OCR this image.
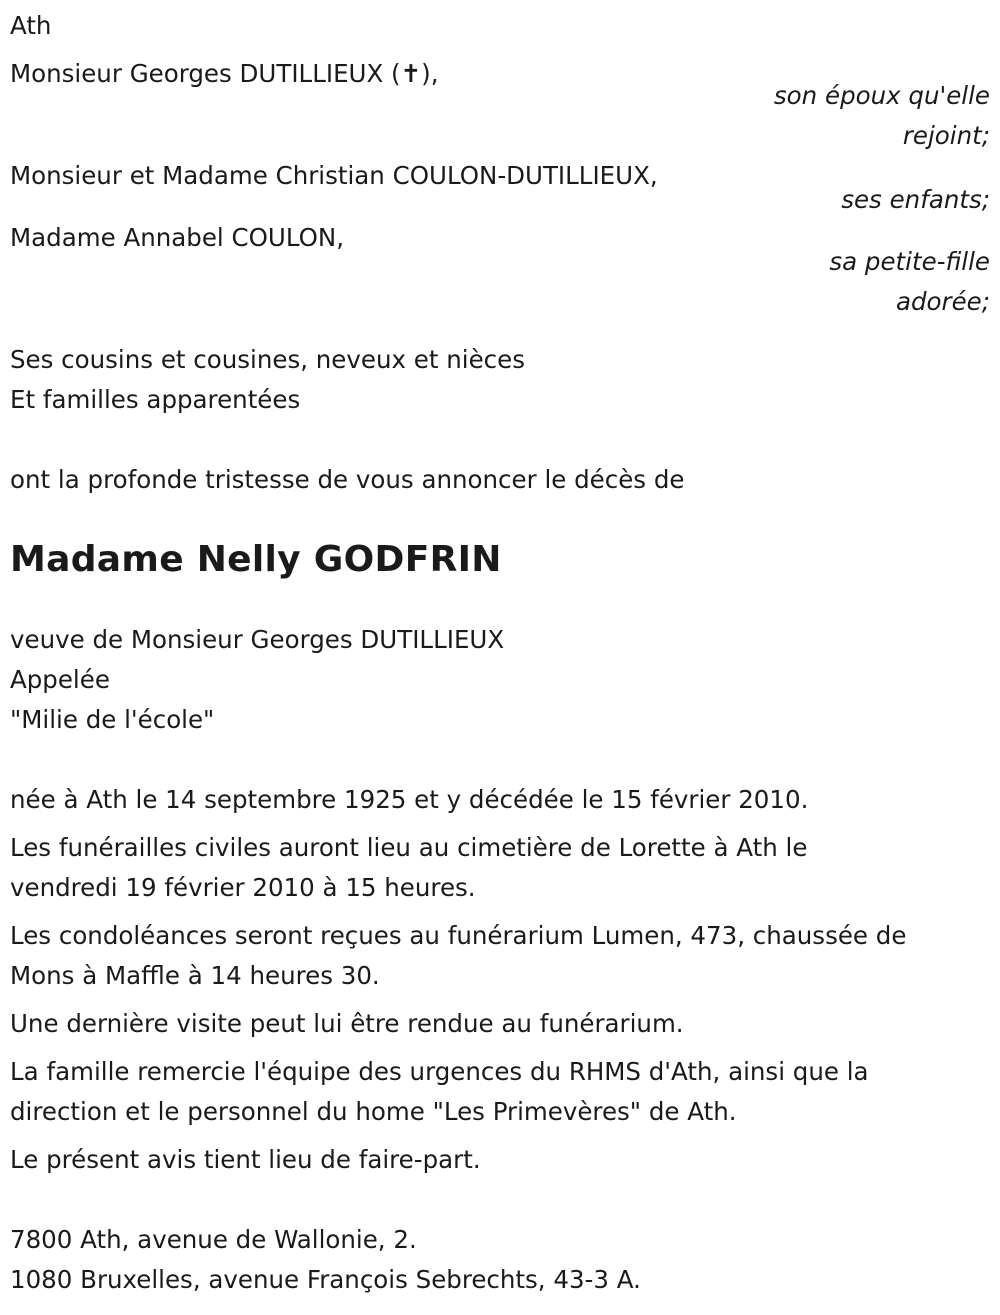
Ath

Monsieur Georges DUTILLIEUX (✝),

son époux qu'elle

rejoint;

Monsieur et Madame Christian COULON-DUTILLIEUX,

ses enfants;

Madame Annabel COULON,

sa petite-fille

adorée;

Ses cousins et cousines, neveux et nièces

Et familles apparentées

ont la profonde tristesse de vous annoncer le décès de

Madame Nelly GODFRIN

veuve de Monsieur Georges DUTILLIEUX

Appelée

"Milie de l'école"

née à Ath le 14 septembre 1925 et y décédée le 15 février 2010.

Les funérailles civiles auront lieu au cimetière de Lorette à Ath le

vendredi 19 février 2010 à 15 heures.

Les condoléances seront reçues au funérarium Lumen, 473, chaussée de

Mons à Maffle à 14 heures 30.

Une dernière visite peut lui être rendue au funérarium.

La famille remercie l'équipe des urgences du RHMS d'Ath, ainsi que la

direction et le personnel du home "Les Primevères" de Ath.

Le présent avis tient lieu de faire-part.

7800 Ath, avenue de Wallonie, 2.

1080 Bruxelles, avenue François Sebrechts, 43-3 A.
